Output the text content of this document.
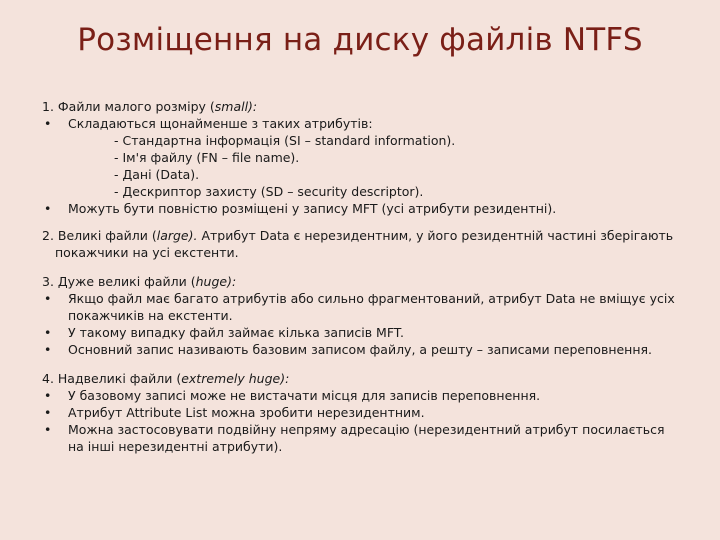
Розміщення на диску файлів NTFS
1. Файли малого розміру (small):
• Складаються щонайменше з таких атрибутів:
- Стандартна інформація (SI – standard information).
- Ім'я файлу (FN – file name).
- Дані (Data).
- Дескриптор захисту (SD – security descriptor).
• Можуть бути повністю розміщені у запису MFT (усі атрибути резидентні).
2. Великі файли (large). Атрибут Data є нерезидентним, у його резидентній частині зберігають покажчики на усі екстенти.
3. Дуже великі файли (huge):
• Якщо файл має багато атрибутів або сильно фрагментований, атрибут Data не вміщує усіх покажчиків на екстенти.
• У такому випадку файл займає кілька записів MFT.
• Основний запис називають базовим записом файлу, а решту – записами переповнення.
4. Надвеликі файли (extremely huge):
• У базовому записі може не вистачати місця для записів переповнення.
• Атрибут Attribute List можна зробити нерезидентним.
• Можна застосовувати подвійну непряму адресацію (нерезидентний атрибут посилається на інші нерезидентні атрибути).
